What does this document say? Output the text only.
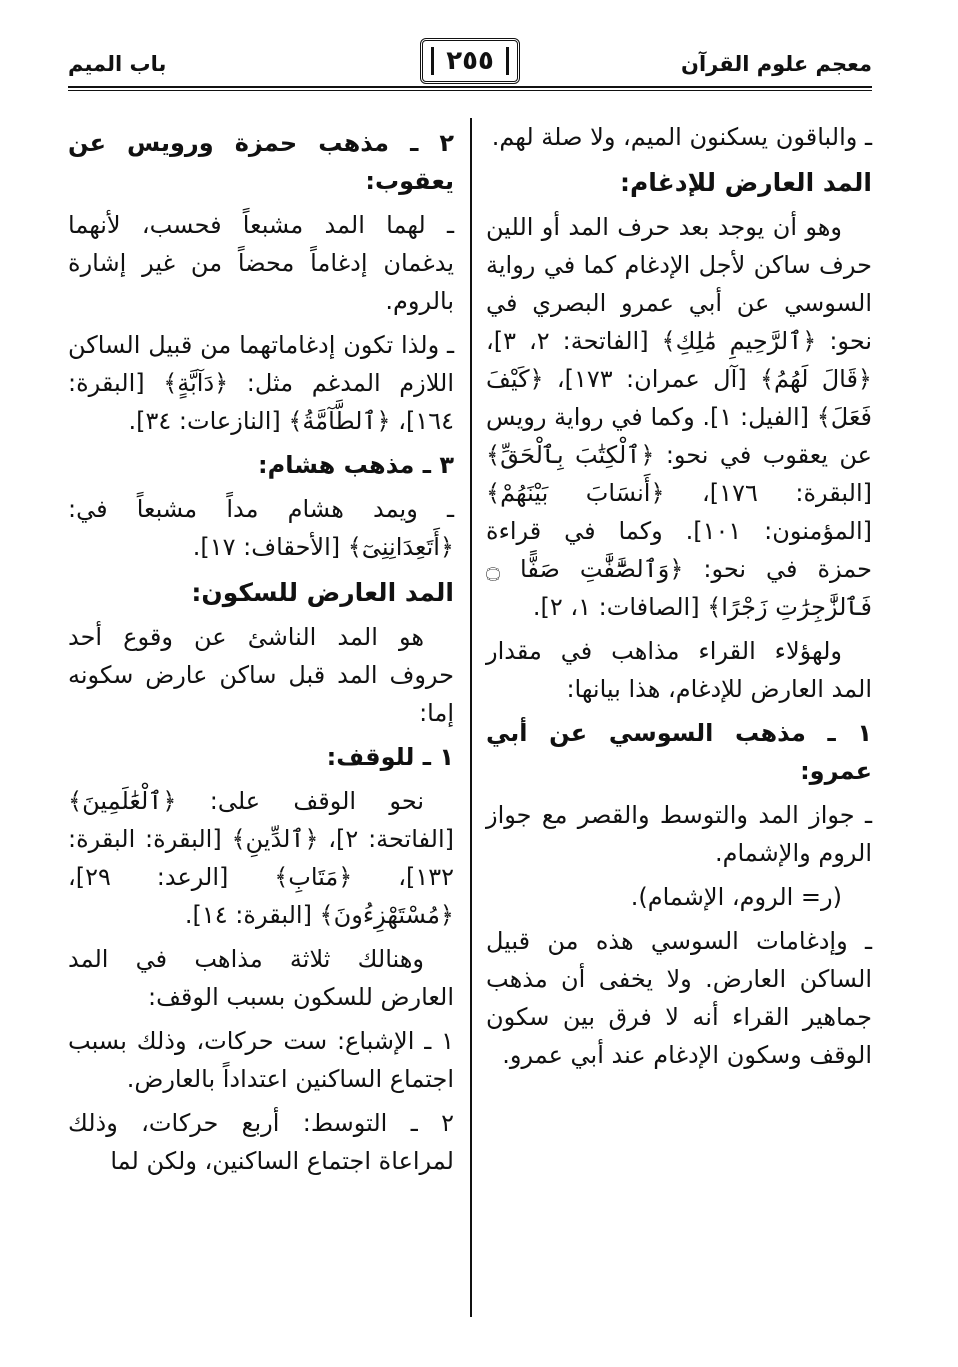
معجم علوم القرآن
٢٥٥
باب الميم

ـ والباقون يسكنون الميم، ولا صلة لهم.

المد العارض للإدغام:

وهو أن يوجد بعد حرف المد أو اللين حرف ساكن لأجل الإدغام كما في رواية السوسي عن أبي عمرو البصري في نحو: ﴿ٱلرَّحِيمِ مَٰلِكِ﴾ [الفاتحة: ٢، ٣]، ﴿قَالَ لَهُمُ﴾ [آل عمران: ١٧٣]، ﴿كَيْفَ فَعَلَ﴾ [الفيل: ١]. وكما في رواية رويس عن يعقوب في نحو: ﴿ٱلْكِتَٰبَ بِٱلْحَقِّ﴾ [البقرة: ١٧٦]، ﴿أَنسَابَ بَيْنَهُمْ﴾ [المؤمنون: ١٠١]. وكما في قراءة حمزة في نحو: ﴿وَٱلصَّٰٓفَّٰتِ صَفًّا ۝ فَٱلزَّٰجِرَٰتِ زَجْرًا﴾ [الصافات: ١، ٢].

ولهؤلاء القراء مذاهب في مقدار المد العارض للإدغام، هذا بيانها:

١ ـ مذهب السوسي عن أبي عمرو:

ـ جواز المد والتوسط والقصر مع جواز الروم والإشمام.

(ر= الروم، الإشمام).

ـ وإدغامات السوسي هذه من قبيل الساكن العارض. ولا يخفى أن مذهب جماهير القراء أنه لا فرق بين سكون الوقف وسكون الإدغام عند أبي عمرو.

٢ ـ مذهب حمزة ورويس عن يعقوب:

ـ لهما المد مشبعاً فحسب، لأنهما يدغمان إدغاماً محضاً من غير إشارة بالروم.

ـ ولذا تكون إدغاماتهما من قبيل الساكن اللازم المدغم مثل: ﴿دَآبَّةٍ﴾ [البقرة: ١٦٤]، ﴿ٱلطَّآمَّةُ﴾ [النازعات: ٣٤].

٣ ـ مذهب هشام:

ـ ويمد هشام مداً مشبعاً في: ﴿أَتَعِدَانِنِىٓ﴾ [الأحقاف: ١٧].

المد العارض للسكون:

هو المد الناشئ عن وقوع أحد حروف المد قبل ساكن عارض سكونه إما:

١ ـ للوقف:

نحو الوقف على: ﴿ٱلْعَٰلَمِينَ﴾ [الفاتحة: ٢]، ﴿ٱلدِّينِ﴾ [البقرة: البقرة: ١٣٢]، ﴿مَتَابِ﴾ [الرعد: ٢٩]، ﴿مُسْتَهْزِءُونَ﴾ [البقرة: ١٤].

وهنالك ثلاثة مذاهب في المد العارض للسكون بسبب الوقف:

١ ـ الإشباع: ست حركات، وذلك بسبب اجتماع الساكنين اعتداداً بالعارض.

٢ ـ التوسط: أربع حركات، وذلك لمراعاة اجتماع الساكنين، ولكن لما
